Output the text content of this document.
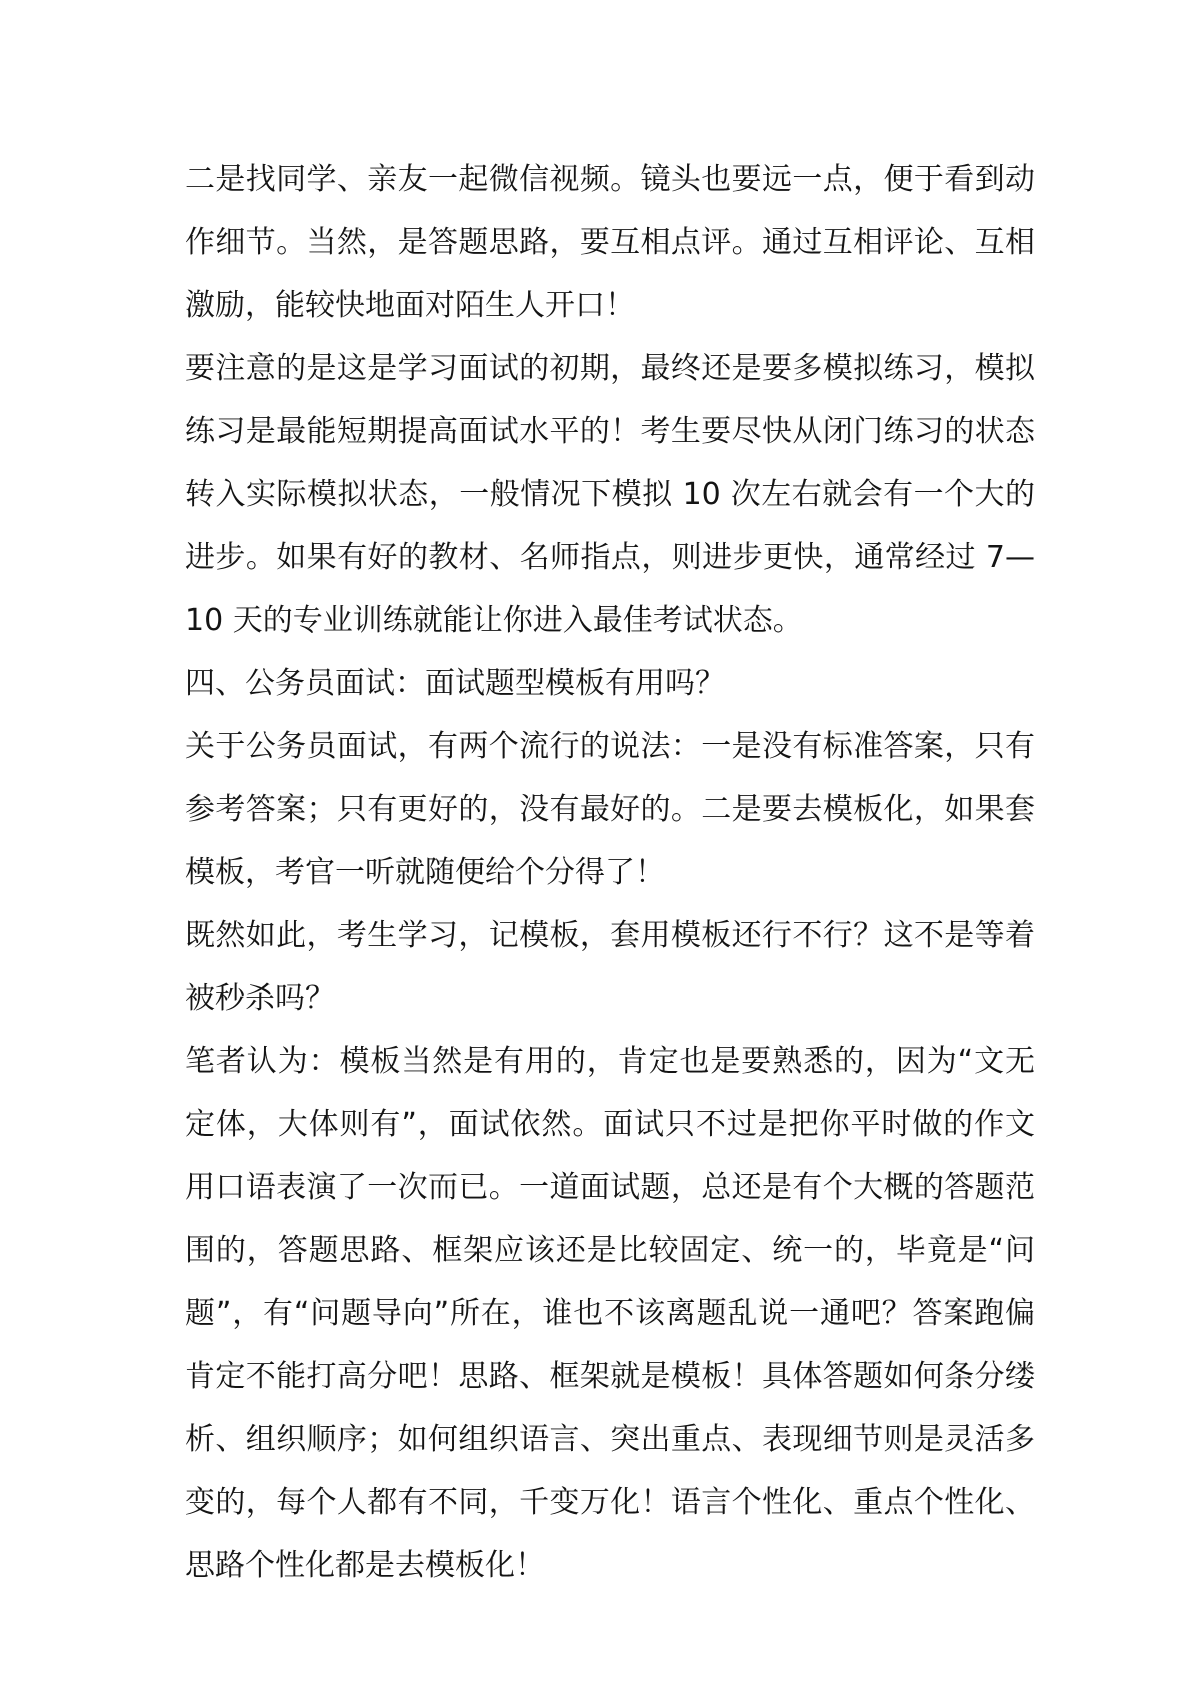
二是找同学、亲友一起微信视频。镜头也要远一点，便于看到动作细节。当然，是答题思路，要互相点评。通过互相评论、互相激励，能较快地面对陌生人开口！

要注意的是这是学习面试的初期，最终还是要多模拟练习，模拟练习是最能短期提高面试水平的！考生要尽快从闭门练习的状态转入实际模拟状态，一般情况下模拟 10 次左右就会有一个大的进步。如果有好的教材、名师指点，则进步更快，通常经过 7—10 天的专业训练就能让你进入最佳考试状态。

四、公务员面试：面试题型模板有用吗？

关于公务员面试，有两个流行的说法：一是没有标准答案，只有参考答案；只有更好的，没有最好的。二是要去模板化，如果套模板，考官一听就随便给个分得了！

既然如此，考生学习，记模板，套用模板还行不行？这不是等着被秒杀吗？

笔者认为：模板当然是有用的，肯定也是要熟悉的，因为“文无定体，大体则有”，面试依然。面试只不过是把你平时做的作文用口语表演了一次而已。一道面试题，总还是有个大概的答题范围的，答题思路、框架应该还是比较固定、统一的，毕竟是“问题”，有“问题导向”所在，谁也不该离题乱说一通吧？答案跑偏肯定不能打高分吧！思路、框架就是模板！具体答题如何条分缕析、组织顺序；如何组织语言、突出重点、表现细节则是灵活多变的，每个人都有不同，千变万化！语言个性化、重点个性化、思路个性化都是去模板化！
